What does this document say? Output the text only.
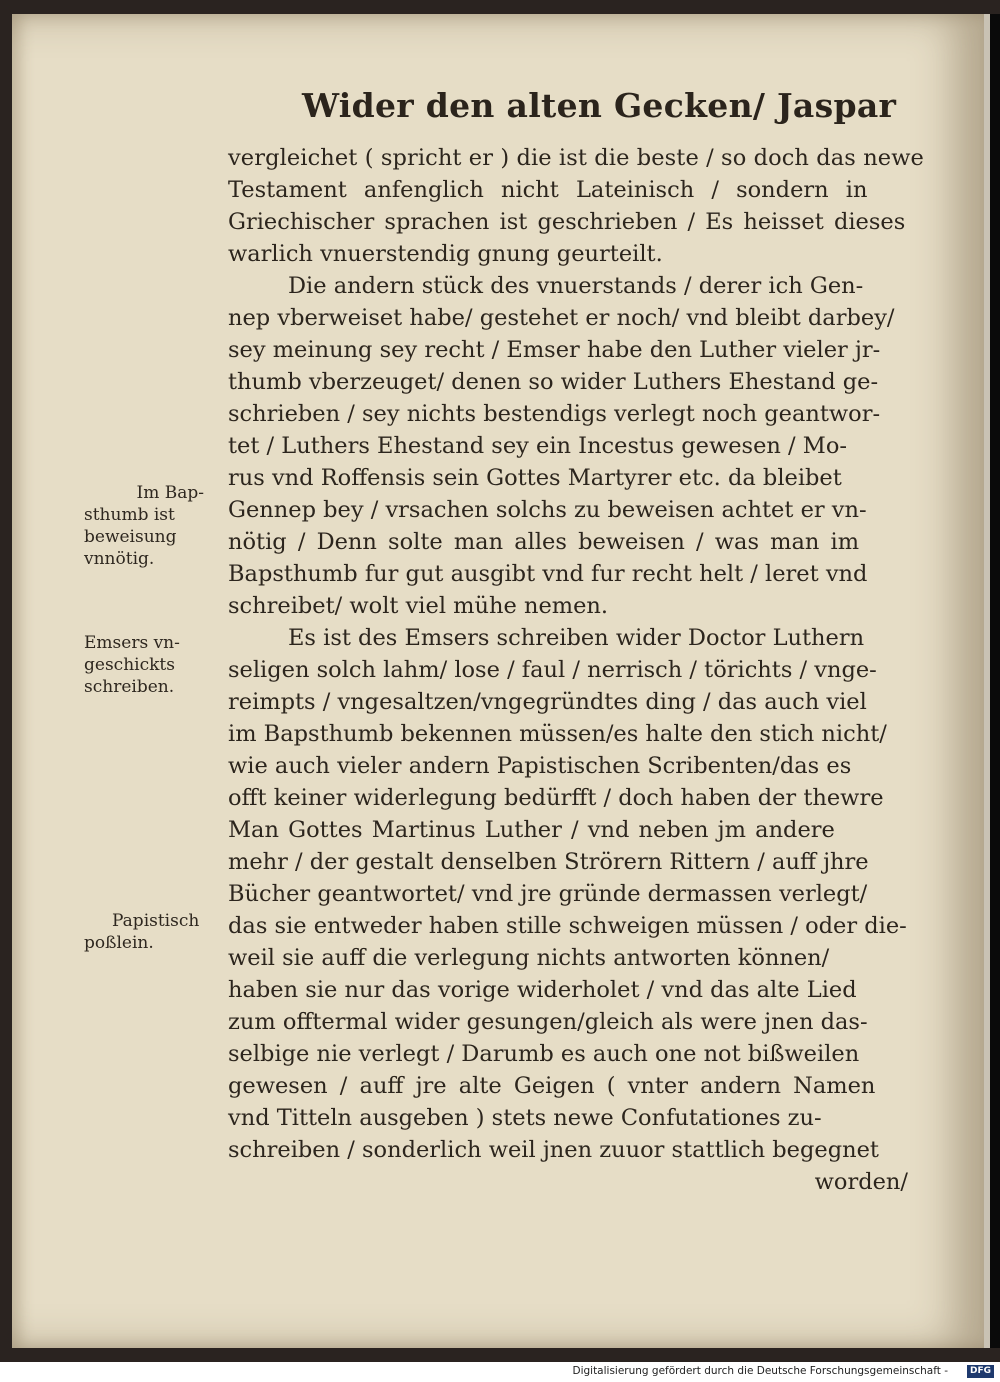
Wider den alten Gecken/ Jaspar
vergleichet ( spricht er ) die ist die beste / so doch das newe
Testament anfenglich nicht Lateinisch / sondern in
Griechischer sprachen ist geschrieben / Es heisset dieses
warlich vnuerstendig gnung geurteilt.
Die andern stück des vnuerstands / derer ich Gen-
nep vberweiset habe/ gestehet er noch/ vnd bleibt darbey/
sey meinung sey recht / Emser habe den Luther vieler jr-
thumb vberzeuget/ denen so wider Luthers Ehestand ge-
schrieben / sey nichts bestendigs verlegt noch geantwor-
tet / Luthers Ehestand sey ein Incestus gewesen / Mo-
rus vnd Roffensis sein Gottes Martyrer etc. da bleibet
Gennep bey / vrsachen solchs zu beweisen achtet er vn-
nötig / Denn solte man alles beweisen / was man im
Bapsthumb fur gut ausgibt vnd fur recht helt / leret vnd
schreibet/ wolt viel mühe nemen.
Es ist des Emsers schreiben wider Doctor Luthern
seligen solch lahm/ lose / faul / nerrisch / törichts / vnge-
reimpts / vngesaltzen/vngegründtes ding / das auch viel
im Bapsthumb bekennen müssen/es halte den stich nicht/
wie auch vieler andern Papistischen Scribenten/das es
offt keiner widerlegung bedürfft / doch haben der thewre
Man Gottes Martinus Luther / vnd neben jm andere
mehr / der gestalt denselben Strörern Rittern / auff jhre
Bücher geantwortet/ vnd jre gründe dermassen verlegt/
das sie entweder haben stille schweigen müssen / oder die-
weil sie auff die verlegung nichts antworten können/
haben sie nur das vorige widerholet / vnd das alte Lied
zum offtermal wider gesungen/gleich als were jnen das-
selbige nie verlegt / Darumb es auch one not bißweilen
gewesen / auff jre alte Geigen ( vnter andern Namen
vnd Titteln ausgeben ) stets newe Confutationes zu-
schreiben / sonderlich weil jnen zuuor stattlich begegnet
worden/
Im Bap-
sthumb ist
beweisung
vnnötig.
Emsers vn-
geschickts
schreiben.
Papistisch
poßlein.
Digitalisierung gefördert durch die Deutsche Forschungsgemeinschaft -	DFG
